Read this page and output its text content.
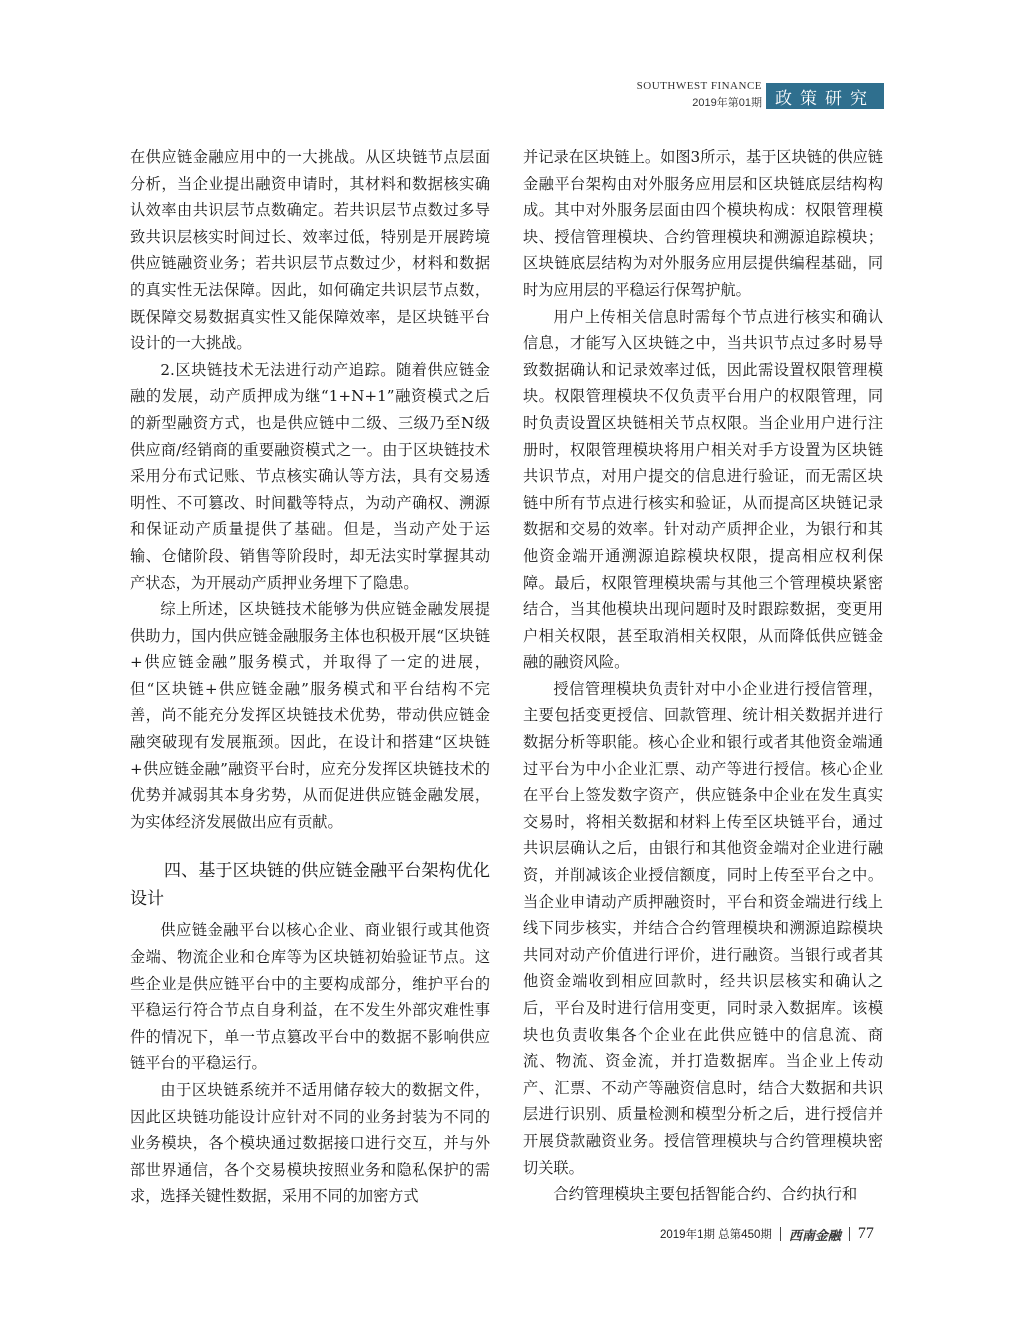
SOUTHWEST FINANCE
2019年第01期 政策研究

在供应链金融应用中的一大挑战。从区块链节点层面分析，当企业提出融资申请时，其材料和数据核实确认效率由共识层节点数确定。若共识层节点数过多导致共识层核实时间过长、效率过低，特别是开展跨境供应链融资业务；若共识层节点数过少，材料和数据的真实性无法保障。因此，如何确定共识层节点数，既保障交易数据真实性又能保障效率，是区块链平台设计的一大挑战。

2.区块链技术无法进行动产追踪。随着供应链金融的发展，动产质押成为继“1+N+1”融资模式之后的新型融资方式，也是供应链中二级、三级乃至N级供应商/经销商的重要融资模式之一。由于区块链技术采用分布式记账、节点核实确认等方法，具有交易透明性、不可篡改、时间戳等特点，为动产确权、溯源和保证动产质量提供了基础。但是，当动产处于运输、仓储阶段、销售等阶段时，却无法实时掌握其动产状态，为开展动产质押业务埋下了隐患。

综上所述，区块链技术能够为供应链金融发展提供助力，国内供应链金融服务主体也积极开展“区块链+供应链金融”服务模式，并取得了一定的进展，但“区块链+供应链金融”服务模式和平台结构不完善，尚不能充分发挥区块链技术优势，带动供应链金融突破现有发展瓶颈。因此，在设计和搭建“区块链+供应链金融”融资平台时，应充分发挥区块链技术的优势并减弱其本身劣势，从而促进供应链金融发展，为实体经济发展做出应有贡献。

四、基于区块链的供应链金融平台架构优化设计

供应链金融平台以核心企业、商业银行或其他资金端、物流企业和仓库等为区块链初始验证节点。这些企业是供应链平台中的主要构成部分，维护平台的平稳运行符合节点自身利益，在不发生外部灾难性事件的情况下，单一节点篡改平台中的数据不影响供应链平台的平稳运行。

由于区块链系统并不适用储存较大的数据文件，因此区块链功能设计应针对不同的业务封装为不同的业务模块，各个模块通过数据接口进行交互，并与外部世界通信，各个交易模块按照业务和隐私保护的需求，选择关键性数据，采用不同的加密方式

并记录在区块链上。如图3所示，基于区块链的供应链金融平台架构由对外服务应用层和区块链底层结构构成。其中对外服务层面由四个模块构成：权限管理模块、授信管理模块、合约管理模块和溯源追踪模块；区块链底层结构为对外服务应用层提供编程基础，同时为应用层的平稳运行保驾护航。

用户上传相关信息时需每个节点进行核实和确认信息，才能写入区块链之中，当共识节点过多时易导致数据确认和记录效率过低，因此需设置权限管理模块。权限管理模块不仅负责平台用户的权限管理，同时负责设置区块链相关节点权限。当企业用户进行注册时，权限管理模块将用户相关对手方设置为区块链共识节点，对用户提交的信息进行验证，而无需区块链中所有节点进行核实和验证，从而提高区块链记录数据和交易的效率。针对动产质押企业，为银行和其他资金端开通溯源追踪模块权限，提高相应权利保障。最后，权限管理模块需与其他三个管理模块紧密结合，当其他模块出现问题时及时跟踪数据，变更用户相关权限，甚至取消相关权限，从而降低供应链金融的融资风险。

授信管理模块负责针对中小企业进行授信管理，主要包括变更授信、回款管理、统计相关数据并进行数据分析等职能。核心企业和银行或者其他资金端通过平台为中小企业汇票、动产等进行授信。核心企业在平台上签发数字资产，供应链条中企业在发生真实交易时，将相关数据和材料上传至区块链平台，通过共识层确认之后，由银行和其他资金端对企业进行融资，并削减该企业授信额度，同时上传至平台之中。当企业申请动产质押融资时，平台和资金端进行线上线下同步核实，并结合合约管理模块和溯源追踪模块共同对动产价值进行评价，进行融资。当银行或者其他资金端收到相应回款时，经共识层核实和确认之后，平台及时进行信用变更，同时录入数据库。该模块也负责收集各个企业在此供应链中的信息流、商流、物流、资金流，并打造数据库。当企业上传动产、汇票、不动产等融资信息时，结合大数据和共识层进行识别、质量检测和模型分析之后，进行授信并开展贷款融资业务。授信管理模块与合约管理模块密切关联。

合约管理模块主要包括智能合约、合约执行和

2019年1期 总第450期 西南金融 77
